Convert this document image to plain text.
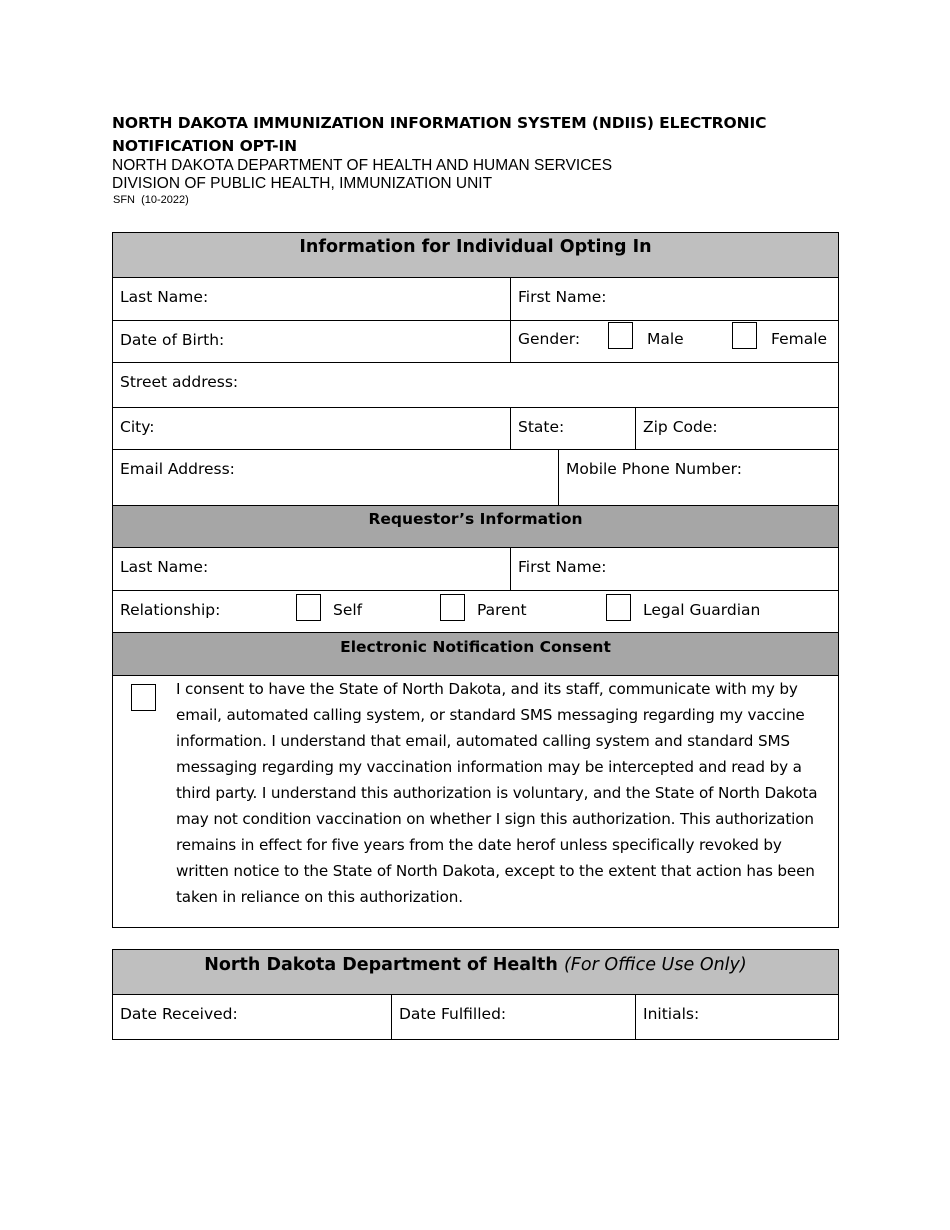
NORTH DAKOTA IMMUNIZATION INFORMATION SYSTEM (NDIIS) ELECTRONIC NOTIFICATION OPT-IN
NORTH DAKOTA DEPARTMENT OF HEALTH AND HUMAN SERVICES
DIVISION OF PUBLIC HEALTH, IMMUNIZATION UNIT
SFN  (10-2022)
Information for Individual Opting In
Requestor’s Information
Electronic Notification Consent
Last Name:	First Name:
Date of Birth:	Gender:	Male	Female
Street address:
City:	State:	Zip Code:
Email Address:	Mobile Phone Number:
Last Name:	First Name:
Relationship:	Self	Parent	Legal Guardian
I consent to have the State of North Dakota, and its staff, communicate with my by email, automated calling system, or standard SMS messaging regarding my vaccine information. I understand that email, automated calling system and standard SMS messaging regarding my vaccination information may be intercepted and read by a third party. I understand this authorization is voluntary, and the State of North Dakota may not condition vaccination on whether I sign this authorization. This authorization remains in effect for five years from the date herof unless specifically revoked by written notice to the State of North Dakota, except to the extent that action has been taken in reliance on this authorization.
North Dakota Department of Health (For Office Use Only)
Date Received:	Date Fulfilled:	Initials:
